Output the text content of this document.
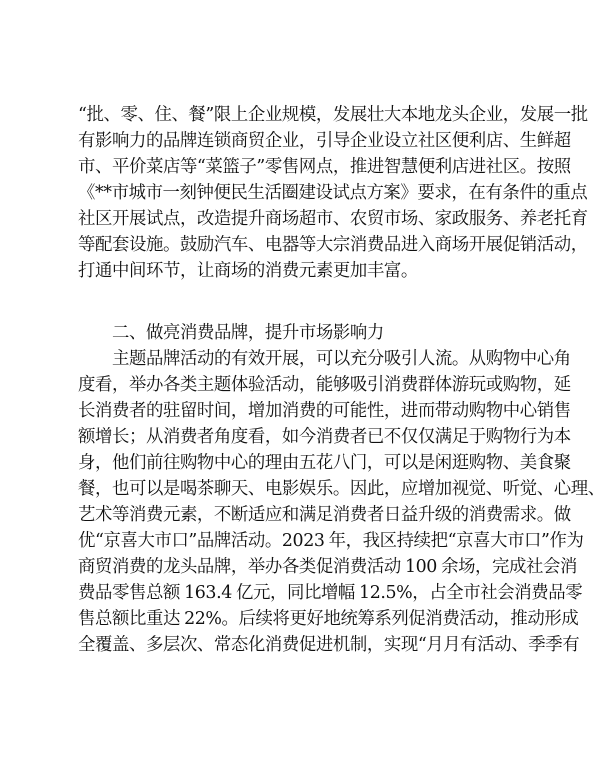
“批、零、住、餐”限上企业规模，发展壮大本地龙头企业，发展一批
有影响力的品牌连锁商贸企业，引导企业设立社区便利店、生鲜超
市、平价菜店等“菜篮子”零售网点，推进智慧便利店进社区。按照
《**市城市一刻钟便民生活圈建设试点方案》要求，在有条件的重点
社区开展试点，改造提升商场超市、农贸市场、家政服务、养老托育
等配套设施。鼓励汽车、电器等大宗消费品进入商场开展促销活动，
打通中间环节，让商场的消费元素更加丰富。
二、做亮消费品牌，提升市场影响力
主题品牌活动的有效开展，可以充分吸引人流。从购物中心角
度看，举办各类主题体验活动，能够吸引消费群体游玩或购物，延
长消费者的驻留时间，增加消费的可能性，进而带动购物中心销售
额增长；从消费者角度看，如今消费者已不仅仅满足于购物行为本
身，他们前往购物中心的理由五花八门，可以是闲逛购物、美食聚
餐，也可以是喝茶聊天、电影娱乐。因此，应增加视觉、听觉、心理、
艺术等消费元素，不断适应和满足消费者日益升级的消费需求。做
优“京喜大市口”品牌活动。2023 年，我区持续把“京喜大市口”作为
商贸消费的龙头品牌，举办各类促消费活动 100 余场，完成社会消
费品零售总额 163.4 亿元，同比增幅 12.5%，占全市社会消费品零
售总额比重达 22%。后续将更好地统筹系列促消费活动，推动形成
全覆盖、多层次、常态化消费促进机制，实现“月月有活动、季季有
